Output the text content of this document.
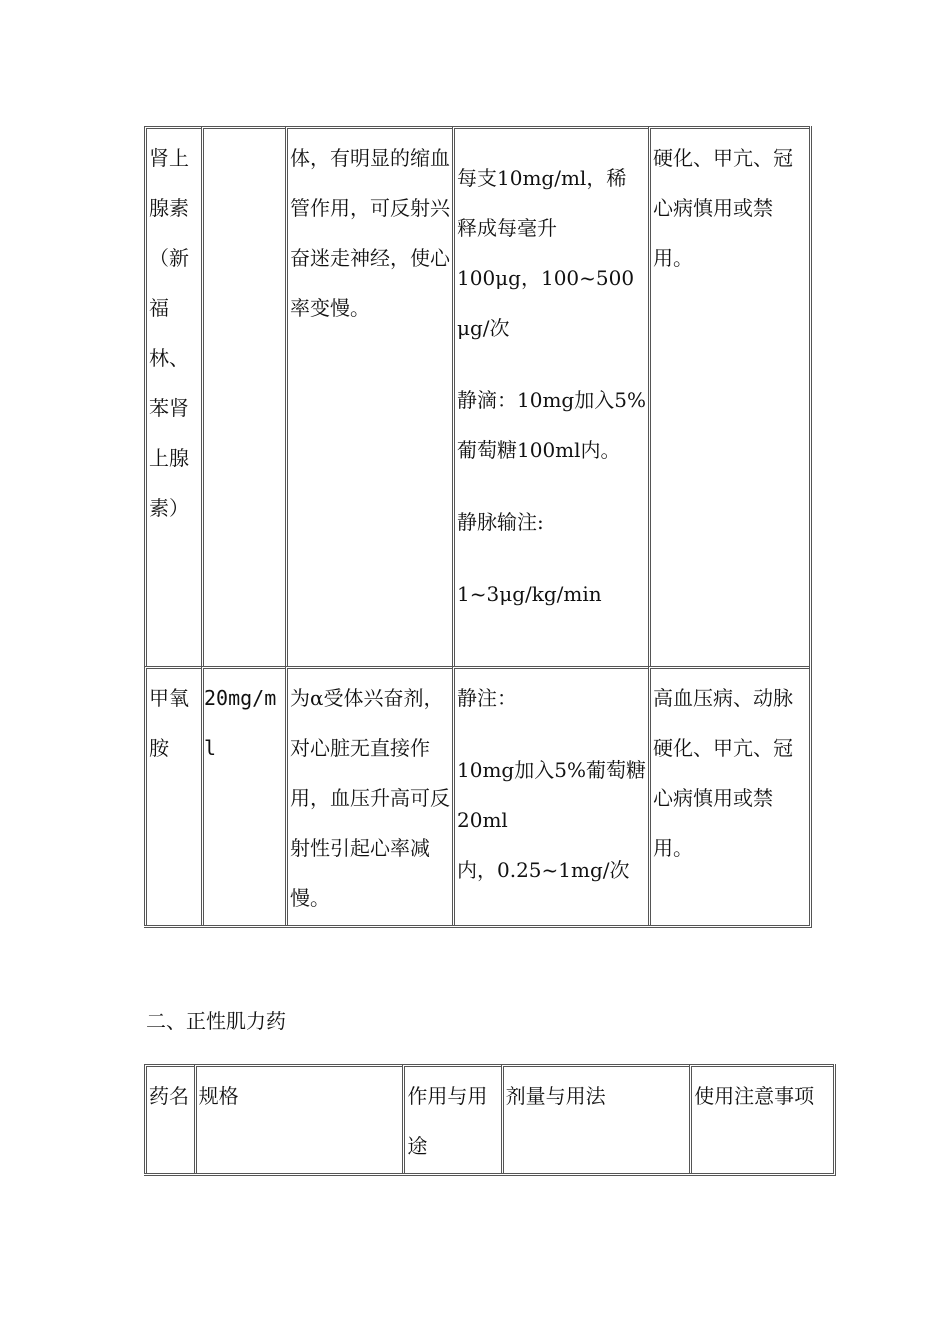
肾上腺素（新福林、苯肾上腺素）		体，有明显的缩血管作用，可反射兴奋迷走神经，使心率变慢。	每支10mg/ml，稀释成每毫升

100μg，100~500μg/次

静滴：10mg加入5%葡萄糖100ml内。

静脉输注:

1~3μg/kg/min	硬化、甲亢、冠心病慎用或禁用。
甲氧胺	20mg/ml	为α受体兴奋剂，对心脏无直接作用，血压升高可反射性引起心率减慢。	静注：

10mg加入5%葡萄糖20ml

内，0.25~1mg/次	高血压病、动脉硬化、甲亢、冠心病慎用或禁用。
二、正性肌力药
药名	规格	作用与用途	剂量与用法	使用注意事项
